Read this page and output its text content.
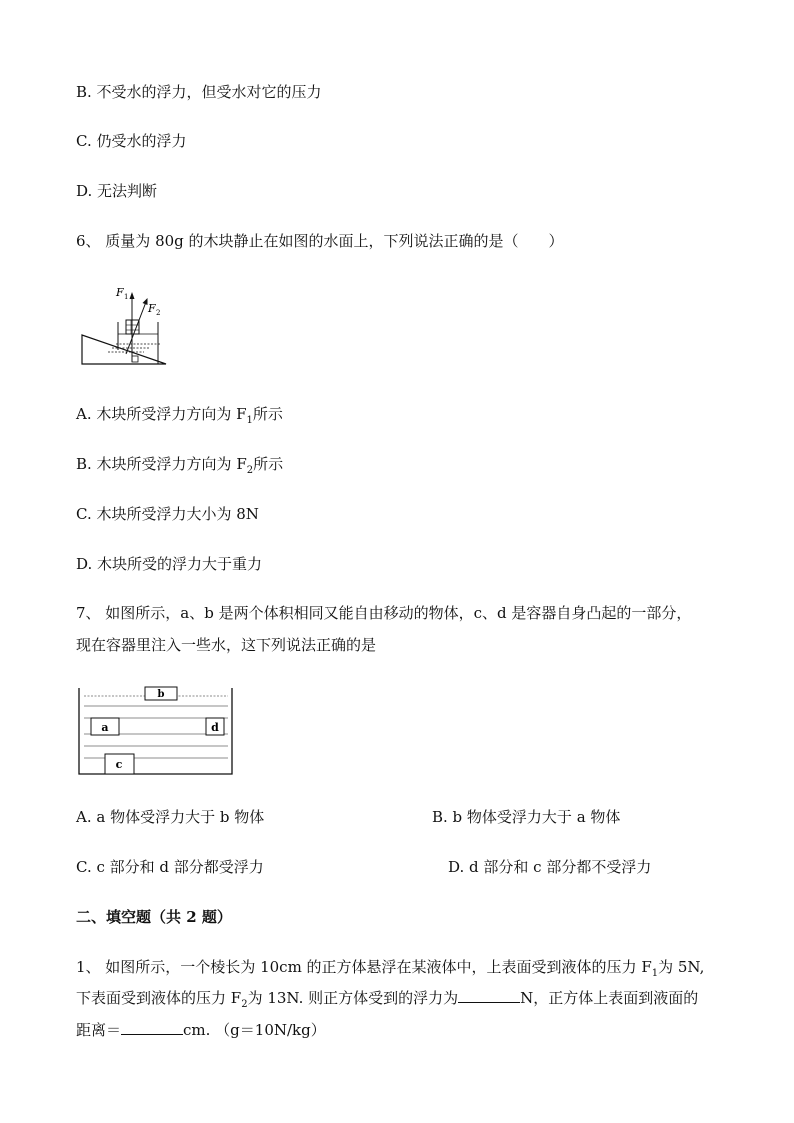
B. 不受水的浮力，但受水对它的压力
C. 仍受水的浮力
D. 无法判断
6、 质量为 80g 的木块静止在如图的水面上，下列说法正确的是（　　）
F 1
F 2
A. 木块所受浮力方向为 $F_1$所示
B. 木块所受浮力方向为 $F_2$所示
C. 木块所受浮力大小为 8N
D. 木块所受的浮力大于重力
7、 如图所示，a、b 是两个体积相同又能自由移动的物体，c、d 是容器自身凸起的一部分，
现在容器里注入一些水，这下列说法正确的是
b
a	d
c
A. a 物体受浮力大于 b 物体	B. b 物体受浮力大于 a 物体
C. c 部分和 d 部分都受浮力	D. d 部分和 c 部分都不受浮力
二、填空题（共 2 题）
1、 如图所示，一个棱长为 10cm 的正方体悬浮在某液体中，上表面受到液体的压力 $F_1$为 5N,
下表面受到液体的压力 $F_2$为 13N. 则正方体受到的浮力为	N，正方体上表面到液面的
距离＝	cm. （g＝10N/kg）
